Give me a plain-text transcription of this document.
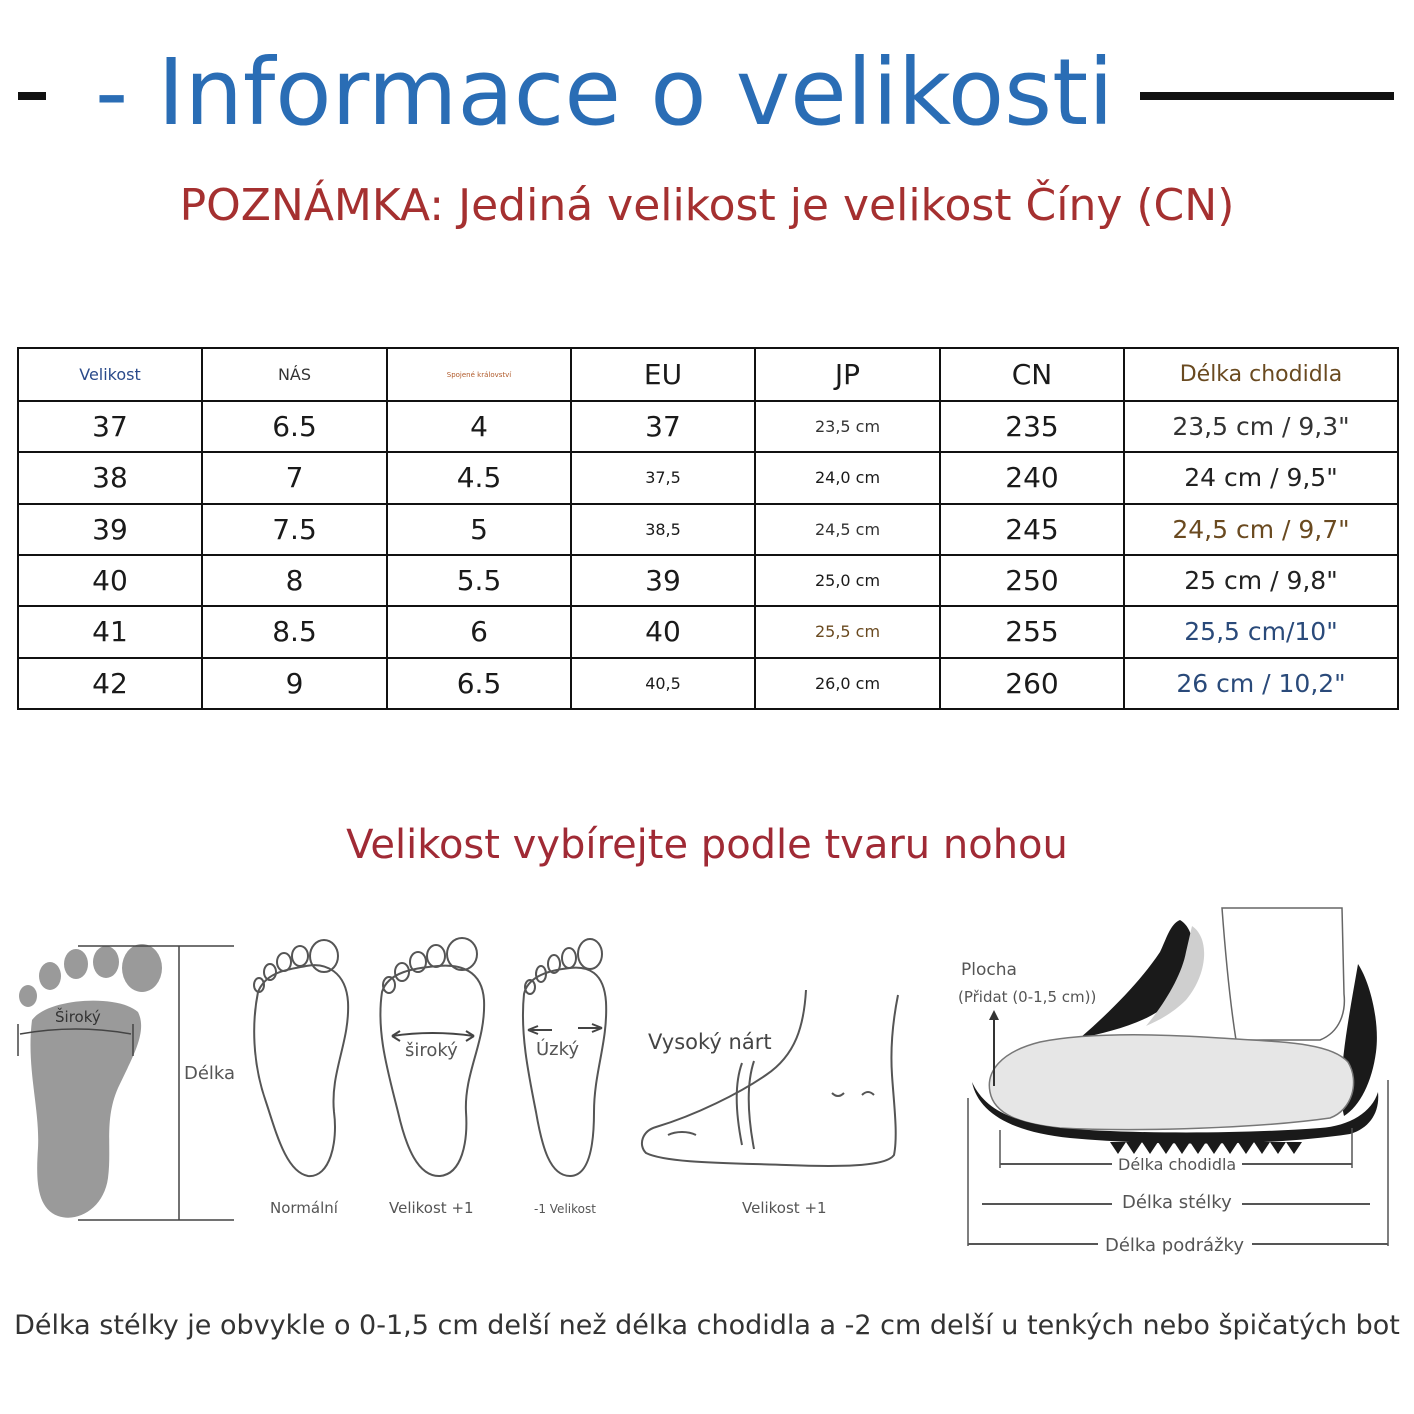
- Informace o velikosti
POZNÁMKA: Jediná velikost je velikost Číny (CN)
Velikost	NÁS	Spojené království	EU	JP	CN	Délka chodidla
37	6.5	4	37	23,5 cm	235	23,5 cm / 9,3"
38	7	4.5	37,5	24,0 cm	240	24 cm / 9,5"
39	7.5	5	38,5	24,5 cm	245	24,5 cm / 9,7"
40	8	5.5	39	25,0 cm	250	25 cm / 9,8"
41	8.5	6	40	25,5 cm	255	25,5 cm/10"
42	9	6.5	40,5	26,0 cm	260	26 cm / 10,2"
Velikost vybírejte podle tvaru nohou
Široký
Délka
Normální
široký
Velikost +1
Úzký
-1 Velikost
Vysoký nárt
Velikost +1
Plocha
(Přidat (0-1,5 cm))
Délka chodidla
Délka stélky
Délka podrážky
Délka stélky je obvykle o 0-1,5 cm delší než délka chodidla a -2 cm delší u tenkých nebo špičatých bot
